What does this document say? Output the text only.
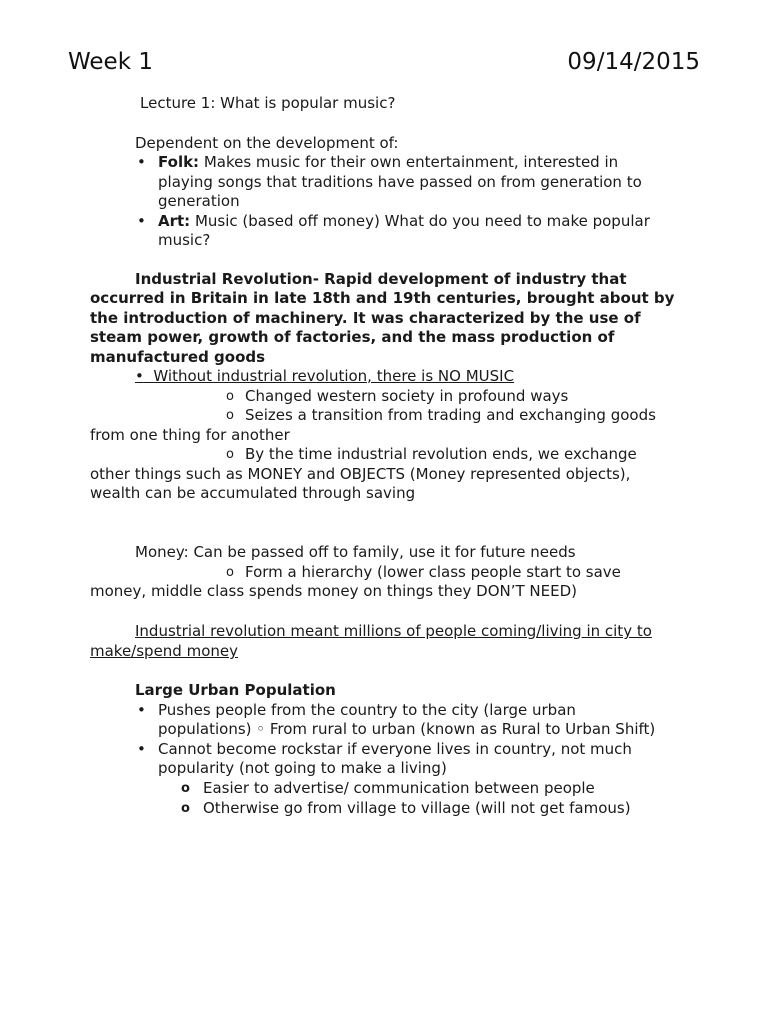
Week 1	09/14/2015
Lecture 1: What is popular music?
Dependent on the development of:
• Folk: Makes music for their own entertainment, interested in
playing songs that traditions have passed on from generation to
generation
• Art: Music (based off money) What do you need to make popular
music?
Industrial Revolution- Rapid development of industry that
occurred in Britain in late 18th and 19th centuries, brought about by
the introduction of machinery. It was characterized by the use of
steam power, growth of factories, and the mass production of
manufactured goods
• Without industrial revolution, there is NO MUSIC
o Changed western society in profound ways
o Seizes a transition from trading and exchanging goods
from one thing for another
o By the time industrial revolution ends, we exchange
other things such as MONEY and OBJECTS (Money represented objects),
wealth can be accumulated through saving
Money: Can be passed off to family, use it for future needs
o Form a hierarchy (lower class people start to save
money, middle class spends money on things they DON’T NEED)
Industrial revolution meant millions of people coming/living in city to
make/spend money
Large Urban Population
• Pushes people from the country to the city (large urban
populations) ◦ From rural to urban (known as Rural to Urban Shift)
• Cannot become rockstar if everyone lives in country, not much
popularity (not going to make a living)
o Easier to advertise/ communication between people
o Otherwise go from village to village (will not get famous)
